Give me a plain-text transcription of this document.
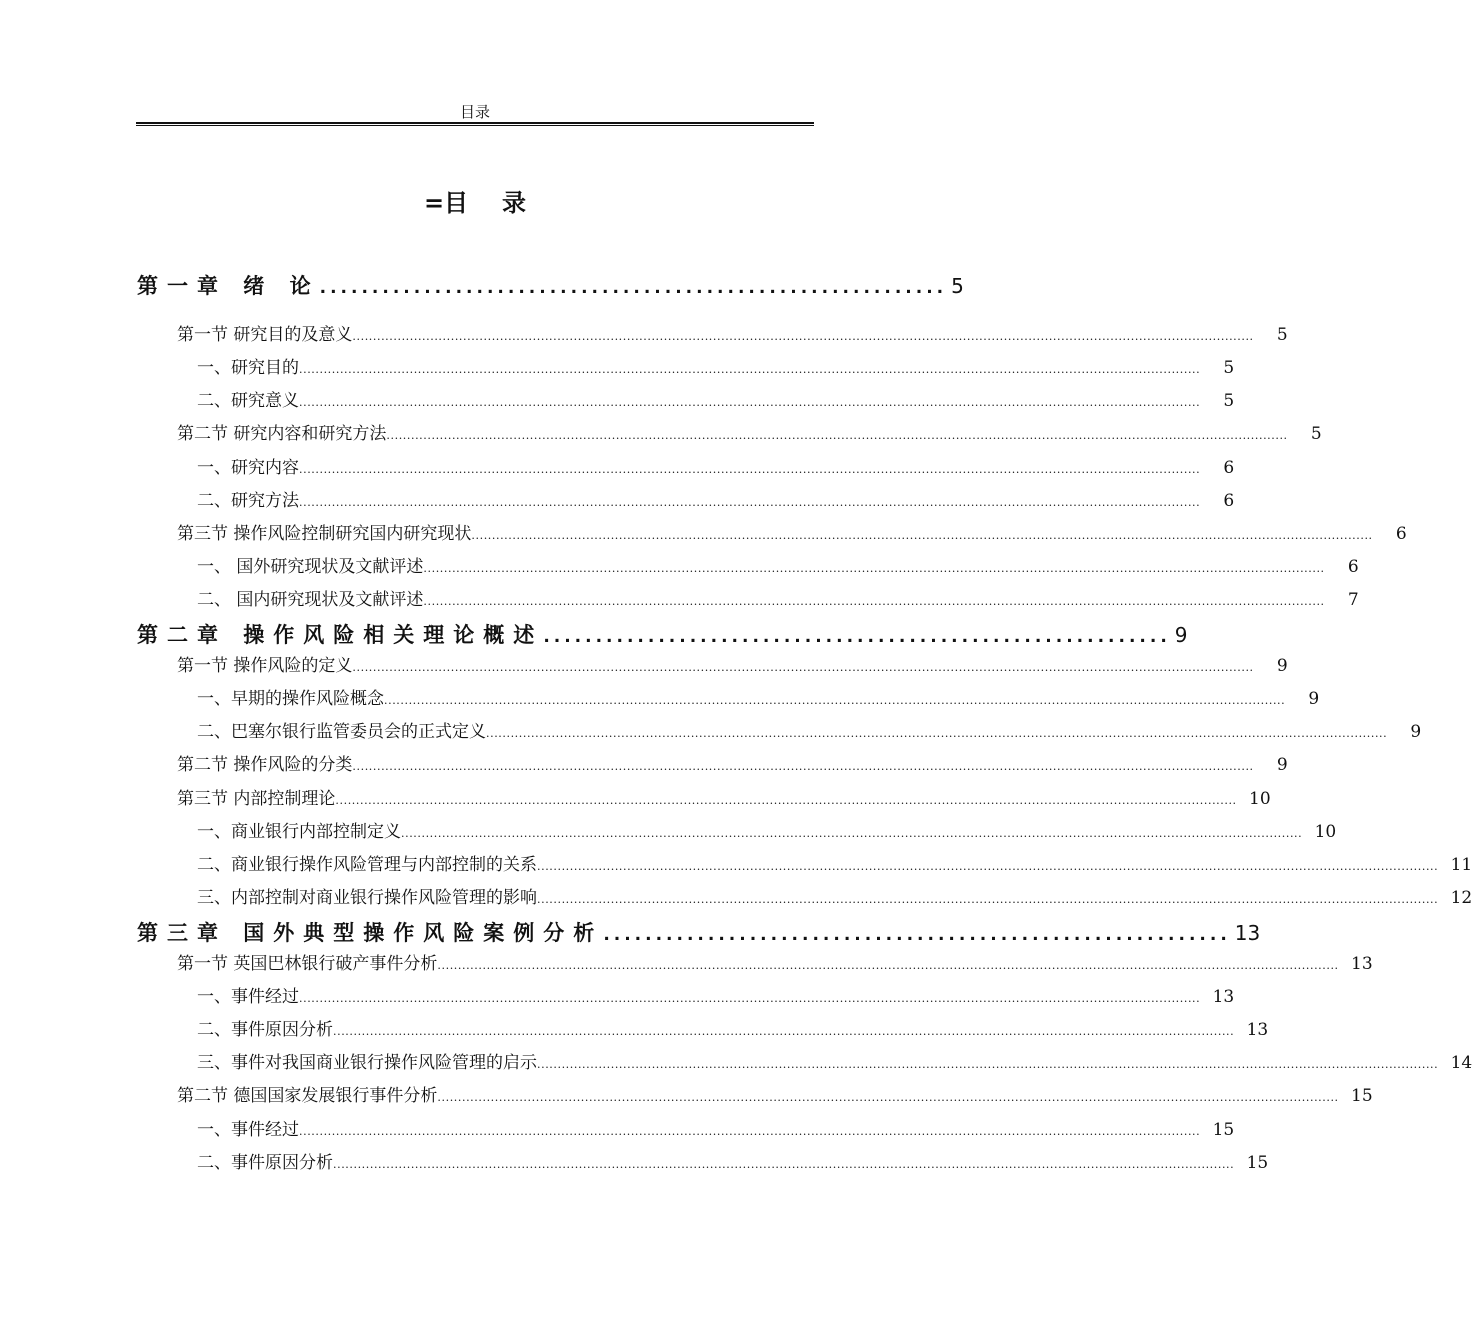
目录
=目 录
第一章 绪 论 ............................................................ 5
第一节 研究目的及意义 ............................................................................................................................................................................................................................	5
一、研究目的 ............................................................................................................................................................................................................................	5
二、研究意义 ............................................................................................................................................................................................................................	5
第二节 研究内容和研究方法 ............................................................................................................................................................................................................................	5
一、研究内容 ............................................................................................................................................................................................................................	6
二、研究方法 ............................................................................................................................................................................................................................	6
第三节 操作风险控制研究国内研究现状 ............................................................................................................................................................................................................................	6
一、 国外研究现状及文献评述 ............................................................................................................................................................................................................................	6
二、 国内研究现状及文献评述 ............................................................................................................................................................................................................................	7
第二章 操作风险相关理论概述 ............................................................ 9
第一节 操作风险的定义 ............................................................................................................................................................................................................................	9
一、早期的操作风险概念 ............................................................................................................................................................................................................................	9
二、巴塞尔银行监管委员会的正式定义 ............................................................................................................................................................................................................................	9
第二节 操作风险的分类 ............................................................................................................................................................................................................................	9
第三节 内部控制理论 ............................................................................................................................................................................................................................ 10
一、商业银行内部控制定义 ............................................................................................................................................................................................................................ 10
二、商业银行操作风险管理与内部控制的关系 ............................................................................................................................................................................................................................ 11
三、内部控制对商业银行操作风险管理的影响 ............................................................................................................................................................................................................................ 12
第三章 国外典型操作风险案例分析 ............................................................ 13
第一节 英国巴林银行破产事件分析 ............................................................................................................................................................................................................................ 13
一、事件经过 ............................................................................................................................................................................................................................ 13
二、事件原因分析 ............................................................................................................................................................................................................................ 13
三、事件对我国商业银行操作风险管理的启示 ............................................................................................................................................................................................................................ 14
第二节 德国国家发展银行事件分析 ............................................................................................................................................................................................................................ 15
一、事件经过 ............................................................................................................................................................................................................................ 15
二、事件原因分析 ............................................................................................................................................................................................................................ 15
